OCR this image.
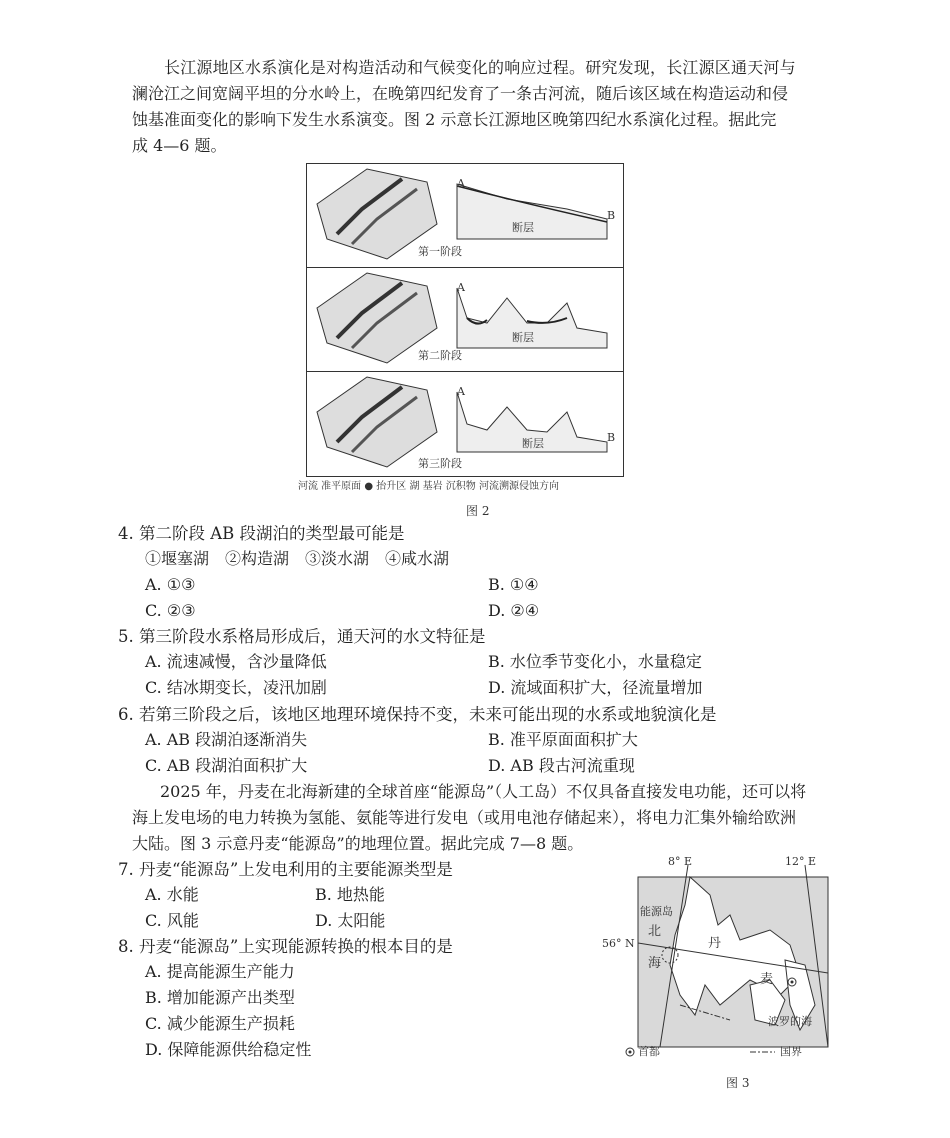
长江源地区水系演化是对构造活动和气候变化的响应过程。研究发现，长江源区通天河与
澜沧江之间宽阔平坦的分水岭上，在晚第四纪发育了一条古河流，随后该区域在构造运动和侵
蚀基准面变化的影响下发生水系演变。图 2 示意长江源地区晚第四纪水系演化过程。据此完
成 4—6 题。
第一阶段
A
B
断层
第二阶段
A
断层
第三阶段
A
B
断层
河流 准平原面 ● 抬升区 湖 基岩 沉积物 河流溯源侵蚀方向
图 2
4. 第二阶段 AB 段湖泊的类型最可能是
①堰塞湖　②构造湖　③淡水湖　④咸水湖
A. ①③	B. ①④
C. ②③	D. ②④
5. 第三阶段水系格局形成后，通天河的水文特征是
A. 流速减慢，含沙量降低	B. 水位季节变化小，水量稳定
C. 结冰期变长，凌汛加剧	D. 流域面积扩大，径流量增加
6. 若第三阶段之后，该地区地理环境保持不变，未来可能出现的水系或地貌演化是
A. AB 段湖泊逐渐消失	B. 准平原面面积扩大
C. AB 段湖泊面积扩大	D. AB 段古河流重现
2025 年，丹麦在北海新建的全球首座“能源岛”（人工岛）不仅具备直接发电功能，还可以将
海上发电场的电力转换为氢能、氨能等进行发电（或用电池存储起来），将电力汇集外输给欧洲
大陆。图 3 示意丹麦“能源岛”的地理位置。据此完成 7—8 题。
7. 丹麦“能源岛”上发电利用的主要能源类型是
A. 水能	B. 地热能
C. 风能	D. 太阳能
8. 丹麦“能源岛”上实现能源转换的根本目的是
A. 提高能源生产能力
B. 增加能源产出类型
C. 减少能源生产损耗
D. 保障能源供给稳定性
8° E	12° E
56° N
能源岛
北
海
丹
麦
波罗的海
首都	国界
图 3
